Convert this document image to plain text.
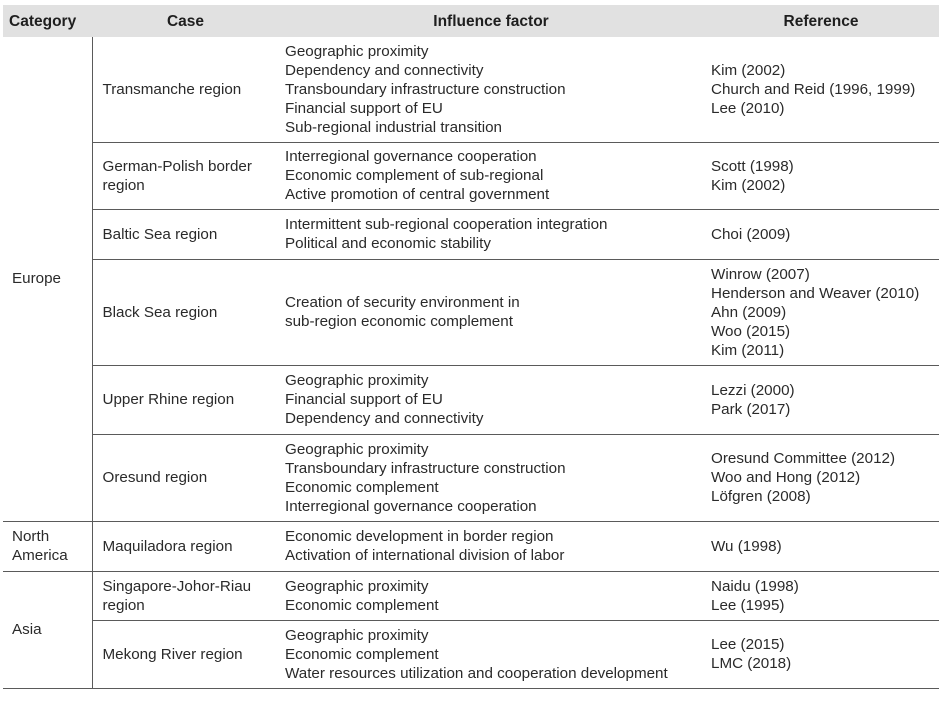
Category	Case	Influence factor	Reference
Europe	Transmanche region	Geographic proximity
Dependency and connectivity
Transboundary infrastructure construction
Financial support of EU
Sub-regional industrial transition	Kim (2002)
Church and Reid (1996, 1999)
Lee (2010)

	German-Polish border region	Interregional governance cooperation
Economic complement of sub-regional
Active promotion of central government	Scott (1998)
Kim (2002)

	Baltic Sea region	Intermittent sub-regional cooperation integration
Political and economic stability	Choi (2009)

	Black Sea region	Creation of security environment in
sub-region economic complement	Winrow (2007)
Henderson and Weaver (2010)
Ahn (2009)
Woo (2015)
Kim (2011)

	Upper Rhine region	Geographic proximity
Financial support of EU
Dependency and connectivity	Lezzi (2000)
Park (2017)

	Oresund region	Geographic proximity
Transboundary infrastructure construction
Economic complement
Interregional governance cooperation	Oresund Committee (2012)
Woo and Hong (2012)
Löfgren (2008)

North
America	Maquiladora region	Economic development in border region
Activation of international division of labor	Wu (1998)

Asia	Singapore-Johor-Riau region	Geographic proximity
Economic complement	Naidu (1998)
Lee (1995)

	Mekong River region	Geographic proximity
Economic complement
Water resources utilization and cooperation development	Lee (2015)
LMC (2018)
